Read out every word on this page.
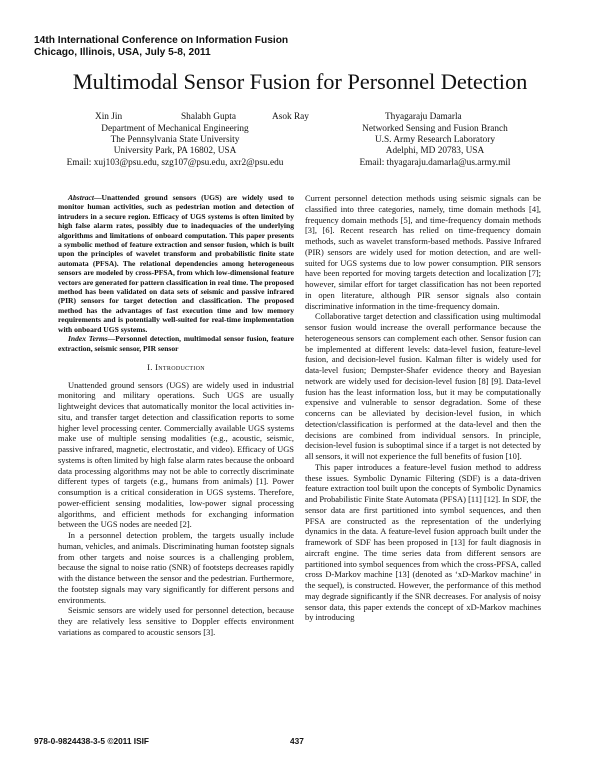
14th International Conference on Information Fusion
Chicago, Illinois, USA, July 5-8, 2011
Multimodal Sensor Fusion for Personnel Detection
Xin Jin	Shalabh Gupta	Asok Ray	Thyagaraju Damarla
Department of Mechanical Engineering
The Pennsylvania State University
University Park, PA 16802, USA
Email: xuj103@psu.edu, szg107@psu.edu, axr2@psu.edu
Networked Sensing and Fusion Branch
U.S. Army Research Laboratory
Adelphi, MD 20783, USA
Email: thyagaraju.damarla@us.army.mil

Abstract—Unattended ground sensors (UGS) are widely used to monitor human activities, such as pedestrian motion and detection of intruders in a secure region. Efficacy of UGS systems is often limited by high false alarm rates, possibly due to inadequacies of the underlying algorithms and limitations of onboard computation. This paper presents a symbolic method of feature extraction and sensor fusion, which is built upon the principles of wavelet transform and probabilistic finite state automata (PFSA). The relational dependencies among heterogeneous sensors are modeled by cross-PFSA, from which low-dimensional feature vectors are generated for pattern classification in real time. The proposed method has been validated on data sets of seismic and passive infrared (PIR) sensors for target detection and classification. The proposed method has the advantages of fast execution time and low memory requirements and is potentially well-suited for real-time implementation with onboard UGS systems.

Index Terms—Personnel detection, multimodal sensor fusion, feature extraction, seismic sensor, PIR sensor

I. Introduction

Unattended ground sensors (UGS) are widely used in industrial monitoring and military operations. Such UGS are usually lightweight devices that automatically monitor the local activities in-situ, and transfer target detection and classification reports to some higher level processing center. Commercially available UGS systems make use of multiple sensing modalities (e.g., acoustic, seismic, passive infrared, magnetic, electrostatic, and video). Efficacy of UGS systems is often limited by high false alarm rates because the onboard data processing algorithms may not be able to correctly discriminate different types of targets (e.g., humans from animals) [1]. Power consumption is a critical consideration in UGS systems. Therefore, power-efficient sensing modalities, low-power signal processing algorithms, and efficient methods for exchanging information between the UGS nodes are needed [2].

In a personnel detection problem, the targets usually include human, vehicles, and animals. Discriminating human footstep signals from other targets and noise sources is a challenging problem, because the signal to noise ratio (SNR) of footsteps decreases rapidly with the distance between the sensor and the pedestrian. Furthermore, the footstep signals may vary significantly for different persons and environments.

Seismic sensors are widely used for personnel detection, because they are relatively less sensitive to Doppler effects environment variations as compared to acoustic sensors [3].

Current personnel detection methods using seismic signals can be classified into three categories, namely, time domain methods [4], frequency domain methods [5], and time-frequency domain methods [3], [6]. Recent research has relied on time-frequency domain methods, such as wavelet transform-based methods. Passive Infrared (PIR) sensors are widely used for motion detection, and are well-suited for UGS systems due to low power consumption. PIR sensors have been reported for moving targets detection and localization [7]; however, similar effort for target classification has not been reported in open literature, although PIR sensor signals also contain discriminative information in the time-frequency domain.

Collaborative target detection and classification using multimodal sensor fusion would increase the overall performance because the heterogeneous sensors can complement each other. Sensor fusion can be implemented at different levels: data-level fusion, feature-level fusion, and decision-level fusion. Kalman filter is widely used for data-level fusion; Dempster-Shafer evidence theory and Bayesian network are widely used for decision-level fusion [8] [9]. Data-level fusion has the least information loss, but it may be computationally expensive and vulnerable to sensor degradation. Some of these concerns can be alleviated by decision-level fusion, in which detection/classification is performed at the data-level and then the decisions are combined from individual sensors. In principle, decision-level fusion is suboptimal since if a target is not detected by all sensors, it will not experience the full benefits of fusion [10].

This paper introduces a feature-level fusion method to address these issues. Symbolic Dynamic Filtering (SDF) is a data-driven feature extraction tool built upon the concepts of Symbolic Dynamics and Probabilistic Finite State Automata (PFSA) [11] [12]. In SDF, the sensor data are first partitioned into symbol sequences, and then PFSA are constructed as the representation of the underlying dynamics in the data. A feature-level fusion approach built under the framework of SDF has been proposed in [13] for fault diagnosis in aircraft engine. The time series data from different sensors are partitioned into symbol sequences from which the cross-PFSA, called cross D-Markov machine [13] (denoted as ‘xD-Markov machine’ in the sequel), is constructed. However, the performance of this method may degrade significantly if the SNR decreases. For analysis of noisy sensor data, this paper extends the concept of xD-Markov machines by introducing

978-0-9824438-3-5 ©2011 ISIF	437
